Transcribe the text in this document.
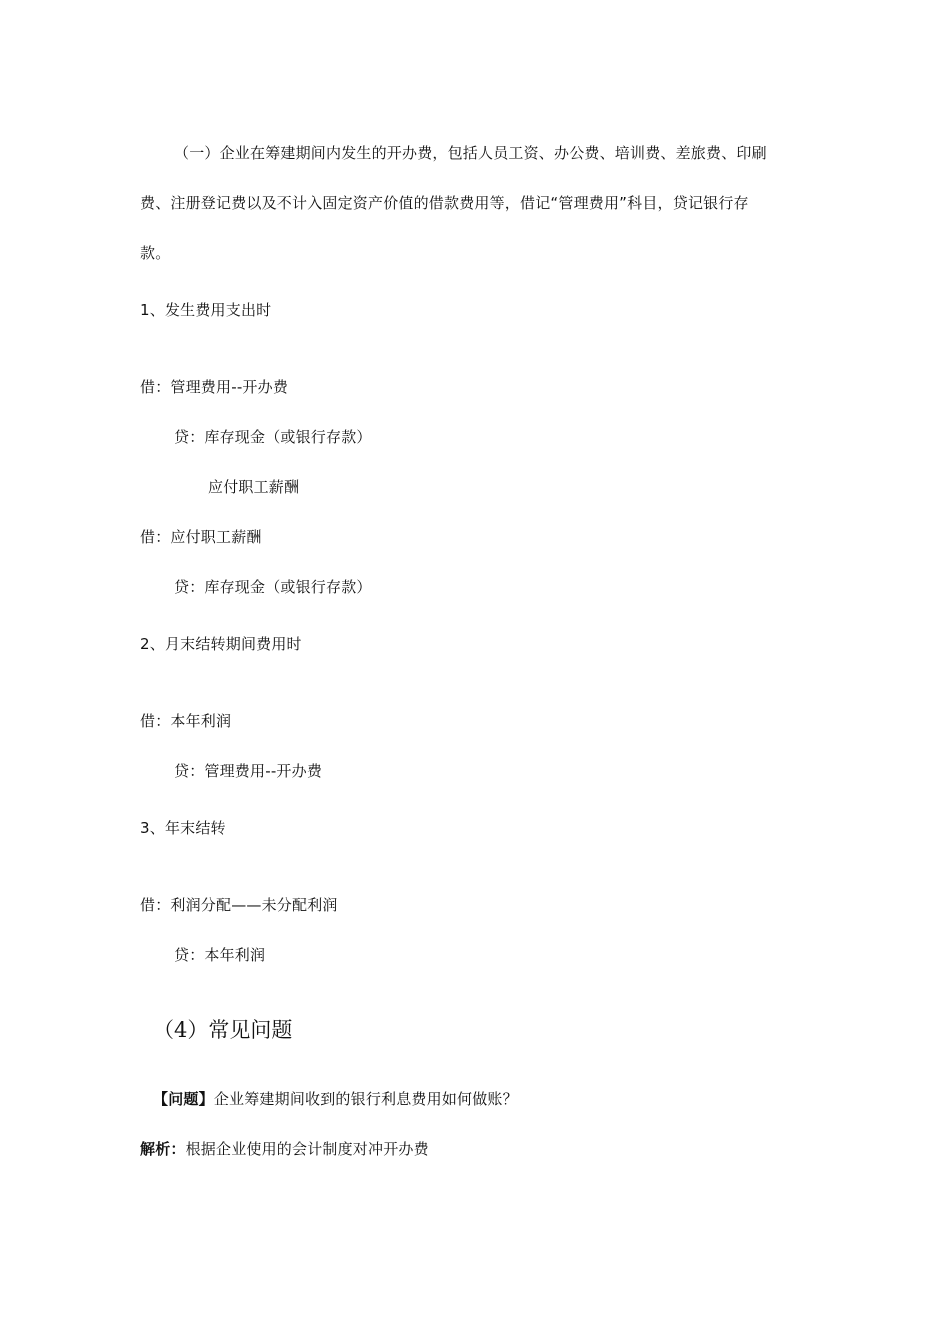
（一）企业在筹建期间内发生的开办费，包括人员工资、办公费、培训费、差旅费、印刷
费、注册登记费以及不计入固定资产价值的借款费用等，借记“管理费用”科目，贷记银行存
款。
1、发生费用支出时
借：管理费用--开办费
贷：库存现金（或银行存款）
应付职工薪酬
借：应付职工薪酬
贷：库存现金（或银行存款）
2、月末结转期间费用时
借：本年利润
贷：管理费用--开办费
3、年末结转
借：利润分配——未分配利润
贷：本年利润
（4）常见问题
【问题】企业筹建期间收到的银行利息费用如何做账？
解析：根据企业使用的会计制度对冲开办费
